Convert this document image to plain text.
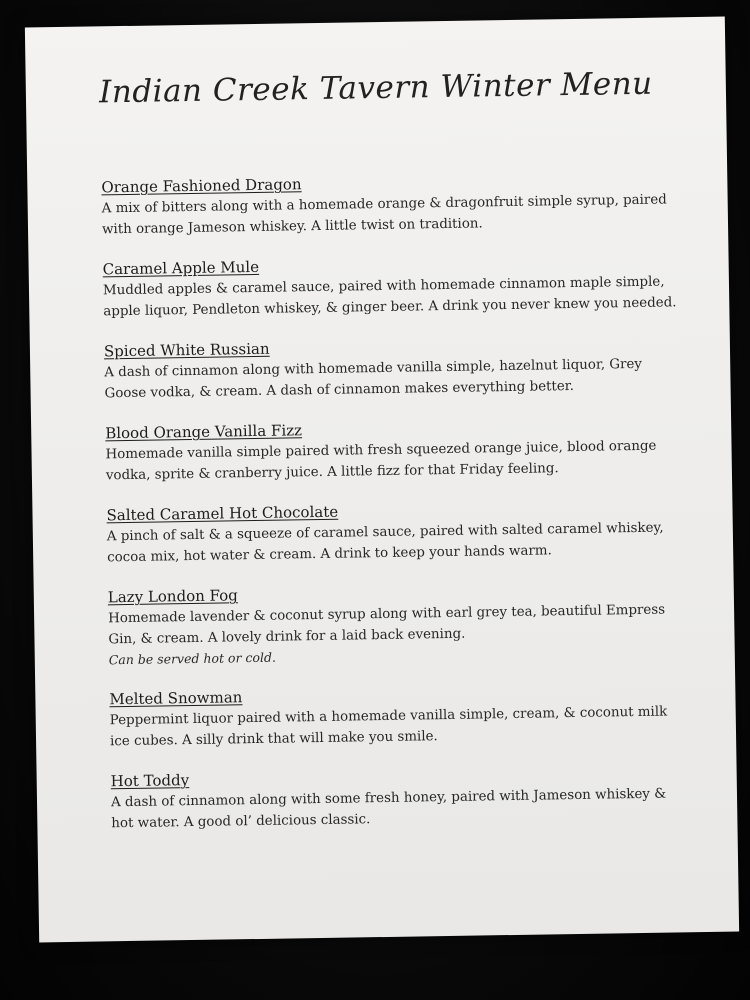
Indian Creek Tavern Winter Menu
Orange Fashioned Dragon
A mix of bitters along with a homemade orange & dragonfruit simple syrup, paired with orange Jameson whiskey. A little twist on tradition.
Caramel Apple Mule
Muddled apples & caramel sauce, paired with homemade cinnamon maple simple, apple liquor, Pendleton whiskey, & ginger beer. A drink you never knew you needed.
Spiced White Russian
A dash of cinnamon along with homemade vanilla simple, hazelnut liquor, Grey Goose vodka, & cream. A dash of cinnamon makes everything better.
Blood Orange Vanilla Fizz
Homemade vanilla simple paired with fresh squeezed orange juice, blood orange vodka, sprite & cranberry juice. A little fizz for that Friday feeling.
Salted Caramel Hot Chocolate
A pinch of salt & a squeeze of caramel sauce, paired with salted caramel whiskey, cocoa mix, hot water & cream. A drink to keep your hands warm.
Lazy London Fog
Homemade lavender & coconut syrup along with earl grey tea, beautiful Empress Gin, & cream. A lovely drink for a laid back evening.
Can be served hot or cold.
Melted Snowman
Peppermint liquor paired with a homemade vanilla simple, cream, & coconut milk ice cubes. A silly drink that will make you smile.
Hot Toddy
A dash of cinnamon along with some fresh honey, paired with Jameson whiskey & hot water. A good ol’ delicious classic.
